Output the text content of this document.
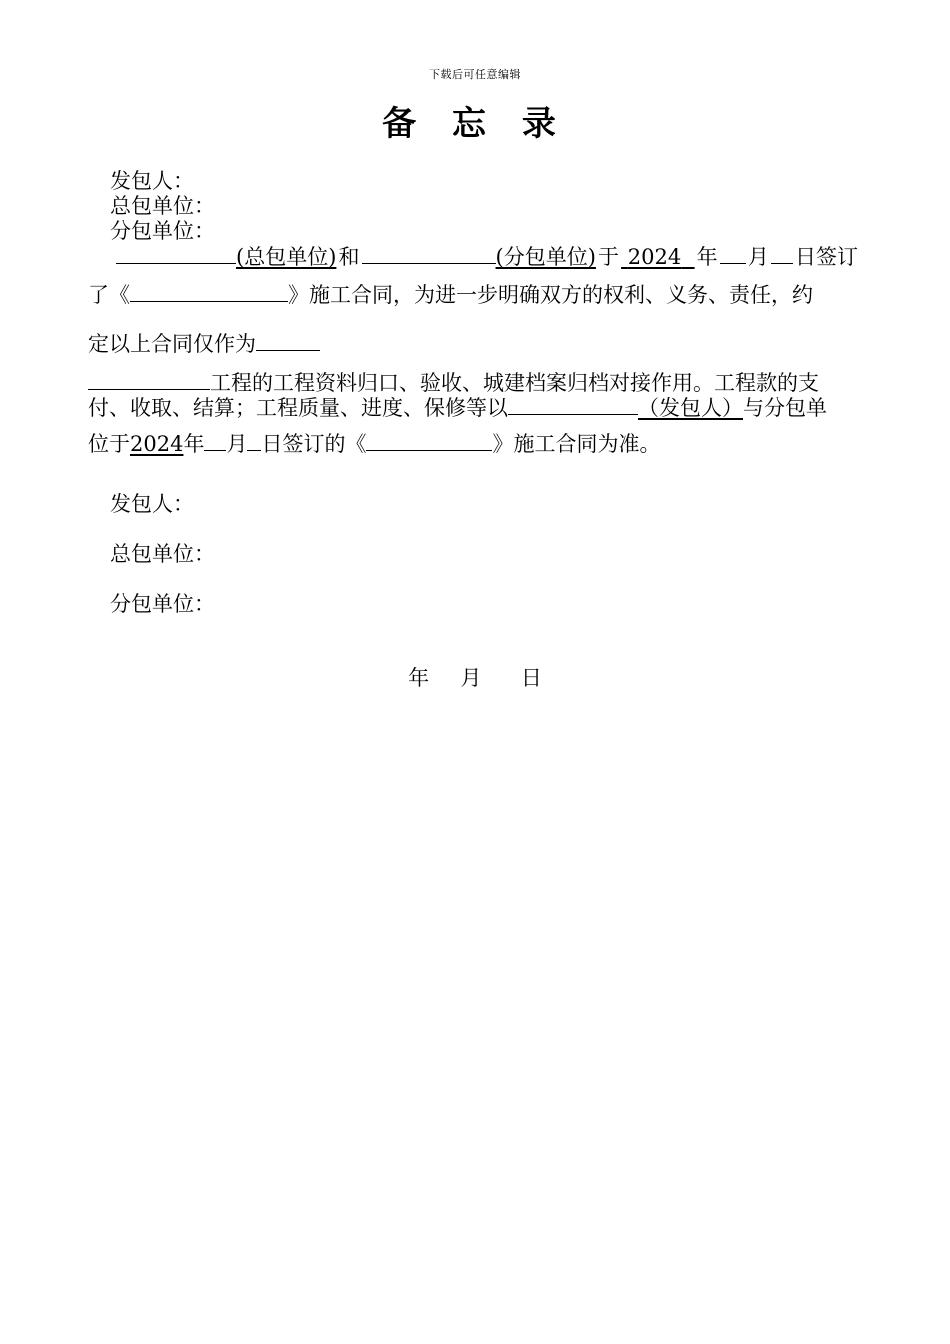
下载后可任意编辑
备 忘 录
发包人：
总包单位：
分包单位：
(总包单位) 和	(分包单位) 于 2024 年 月 日签订
了《	》施工合同，为进一步明确双方的权利、义务、责任，约
定以上合同仅作为
工程的工程资料归口、验收、城建档案归档对接作用。工程款的支
付、收取、结算；工程质量、进度、保修等以	（发包人）与分包单
位于2024年 月 日签订的《	》施工合同为准。
发包人：
总包单位：
分包单位：
年 月 日
